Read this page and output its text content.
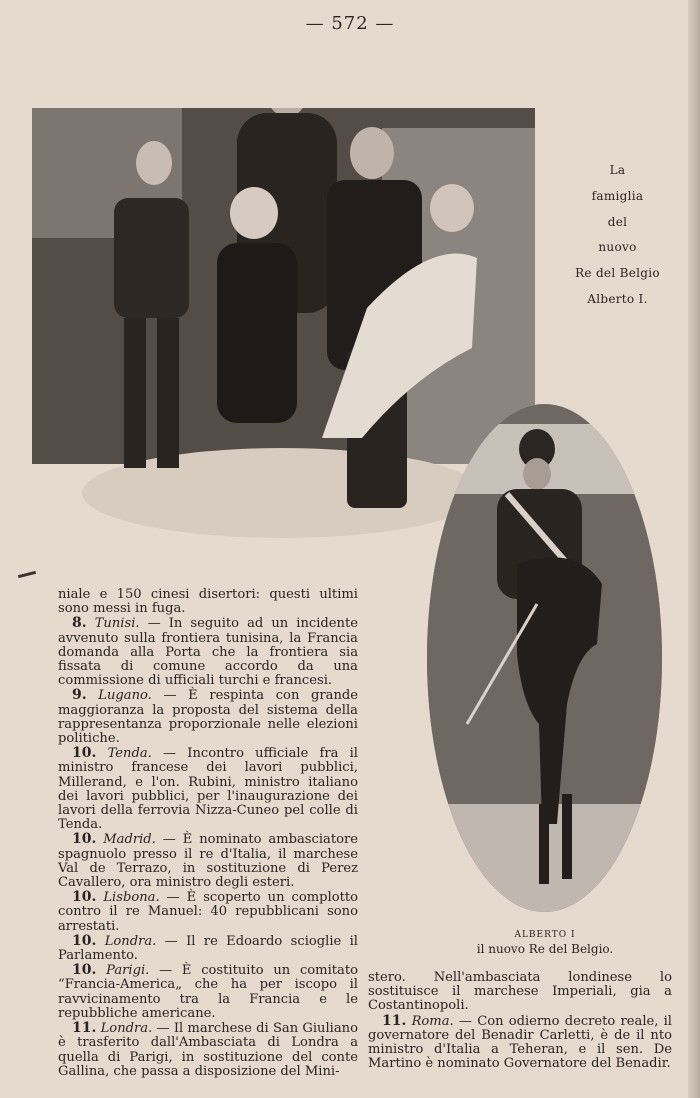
— 572 —
La
famiglia
del
nuovo
Re del Belgio
Alberto I.
ALBERTO I
il nuovo Re del Belgio.

niale e 150 cinesi disertori: questi ultimi sono messi in fuga.

8. Tunisi. — In seguito ad un incidente avvenuto sulla frontiera tunisina, la Francia domanda alla Porta che la frontiera sia fissata di comune accordo da una commissione di ufficiali turchi e francesi.

9. Lugano. — È respinta con grande maggioranza la proposta del sistema della rappresentanza proporzionale nelle elezioni politiche.

10. Tenda. — Incontro ufficiale fra il ministro francese dei lavori pubblici, Millerand, e l'on. Rubini, ministro italiano dei lavori pubblici, per l'inaugurazione dei lavori della ferrovia Nizza-Cuneo pel colle di Tenda.

10. Madrid. — È nominato ambasciatore spagnuolo presso il re d'Italia, il marchese Val de Terrazo, in sostituzione di Perez Cavallero, ora ministro degli esteri.

10. Lisbona. — È scoperto un complotto contro il re Manuel: 40 repubblicani sono arrestati.

10. Londra. — Il re Edoardo scioglie il Parlamento.

10. Parigi. — È costituito un comitato “Francia-America„ che ha per iscopo il ravvicinamento tra la Francia e le repubbliche americane.

11. Londra. — Il marchese di San Giuliano è trasferito dall'Ambasciata di Londra a quella di Parigi, in sostituzione del conte Gallina, che passa a disposizione del Mini-

stero. Nell'ambasciata londinese lo sostituisce il marchese Imperiali, gia a Costantinopoli.

11. Roma. — Con odierno decreto reale, il governatore del Benadir Carletti, è de il nto ministro d'Italia a Teheran, e il sen. De Martino è nominato Governatore del Benadir.
